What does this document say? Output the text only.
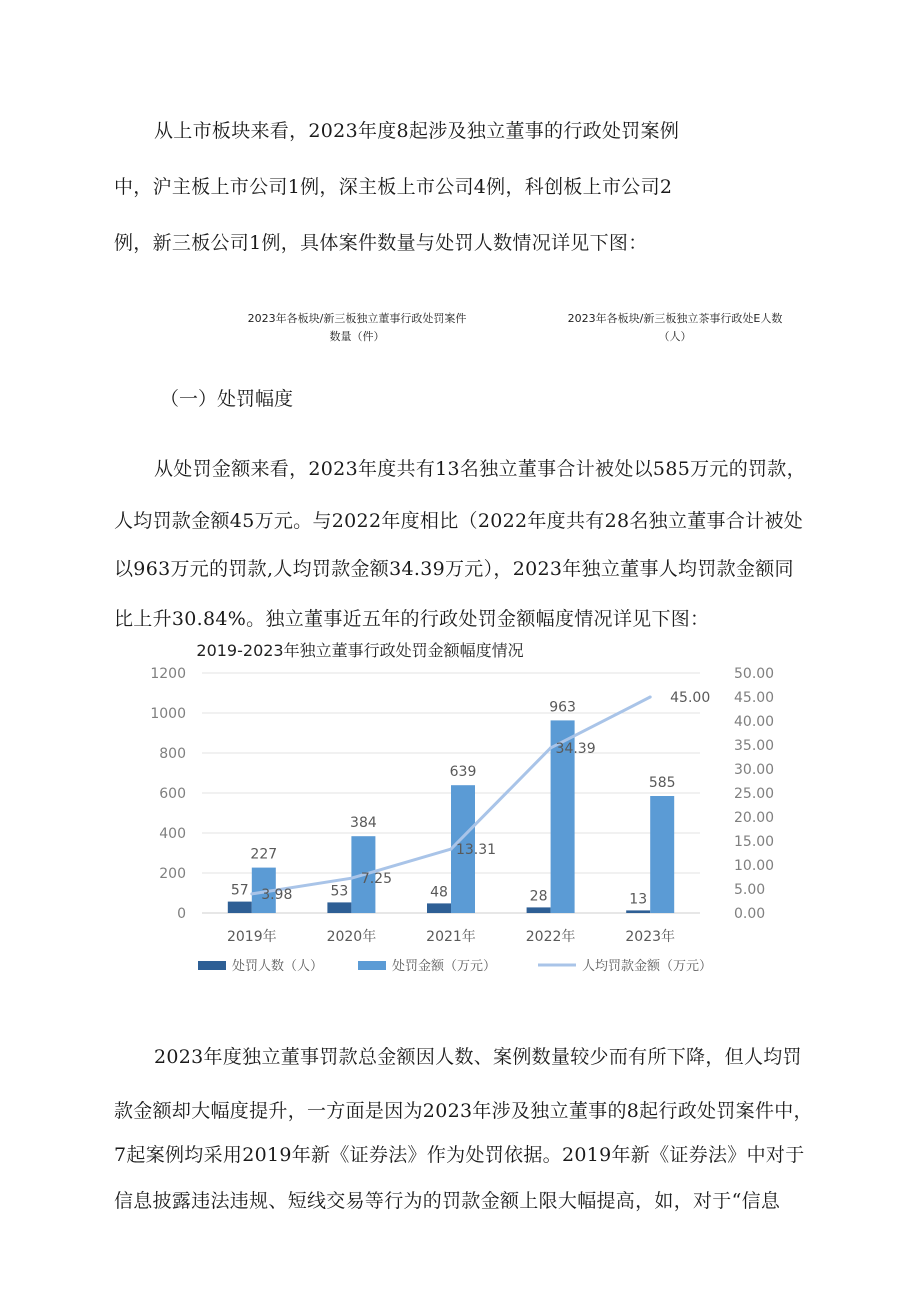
从上市板块来看，2023年度8起涉及独立董事的行政处罚案例
中，沪主板上市公司1例，深主板上市公司4例，科创板上市公司2
例，新三板公司1例，具体案件数量与处罚人数情况详见下图：
2023年各板块/新三板独立董事行政处罚案件
数量（件）
2023年各板块/新三板独立茶事行政处E人数
（人）
（一）处罚幅度
从处罚金额来看，2023年度共有13名独立董事合计被处以585万元的罚款，
人均罚款金额45万元。与2022年度相比（2022年度共有28名独立董事合计被处
以963万元的罚款,人均罚款金额34.39万元），2023年独立董事人均罚款金额同
比上升30.84%。独立董事近五年的行政处罚金额幅度情况详见下图：
2019-2023年独立董事行政处罚金额幅度情况
0
200
400
600
800
1000
1200
0.00
5.00
10.00
15.00
20.00
25.00
30.00
35.00
40.00
45.00
50.00
57
227
2019年
53
384
2020年
48
639
2021年
28
963
2022年
13
585
2023年
3.98
7.25
13.31
34.39
45.00
处罚人数（人）	处罚金额（万元）	人均罚款金额（万元）
2023年度独立董事罚款总金额因人数、案例数量较少而有所下降，但人均罚
款金额却大幅度提升，一方面是因为2023年涉及独立董事的8起行政处罚案件中，
7起案例均采用2019年新《证券法》作为处罚依据。2019年新《证券法》中对于
信息披露违法违规、短线交易等行为的罚款金额上限大幅提高，如，对于“信息
